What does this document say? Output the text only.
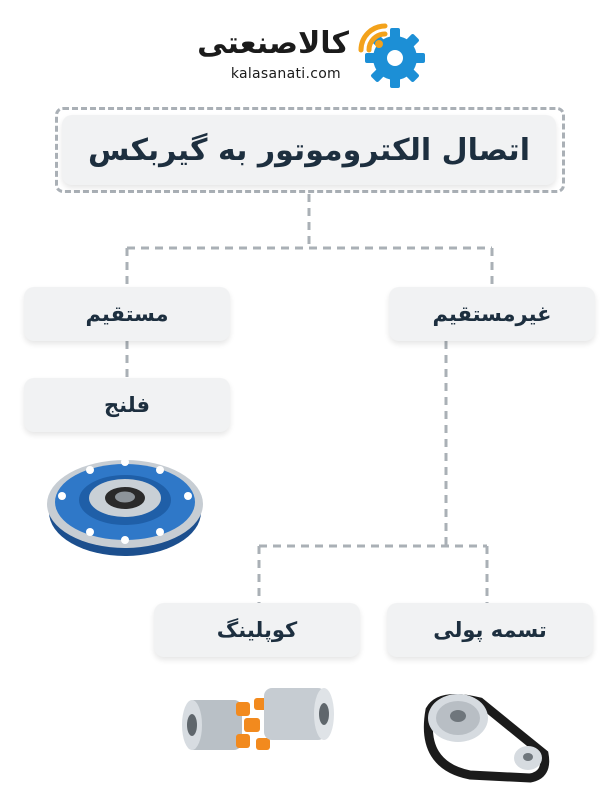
کالاصنعتی
kalasanati.com
اتصال الکتروموتور به گیربکس
مستقیم	غیرمستقیم
فلنج
تسمه پولی
کوپلینگ
